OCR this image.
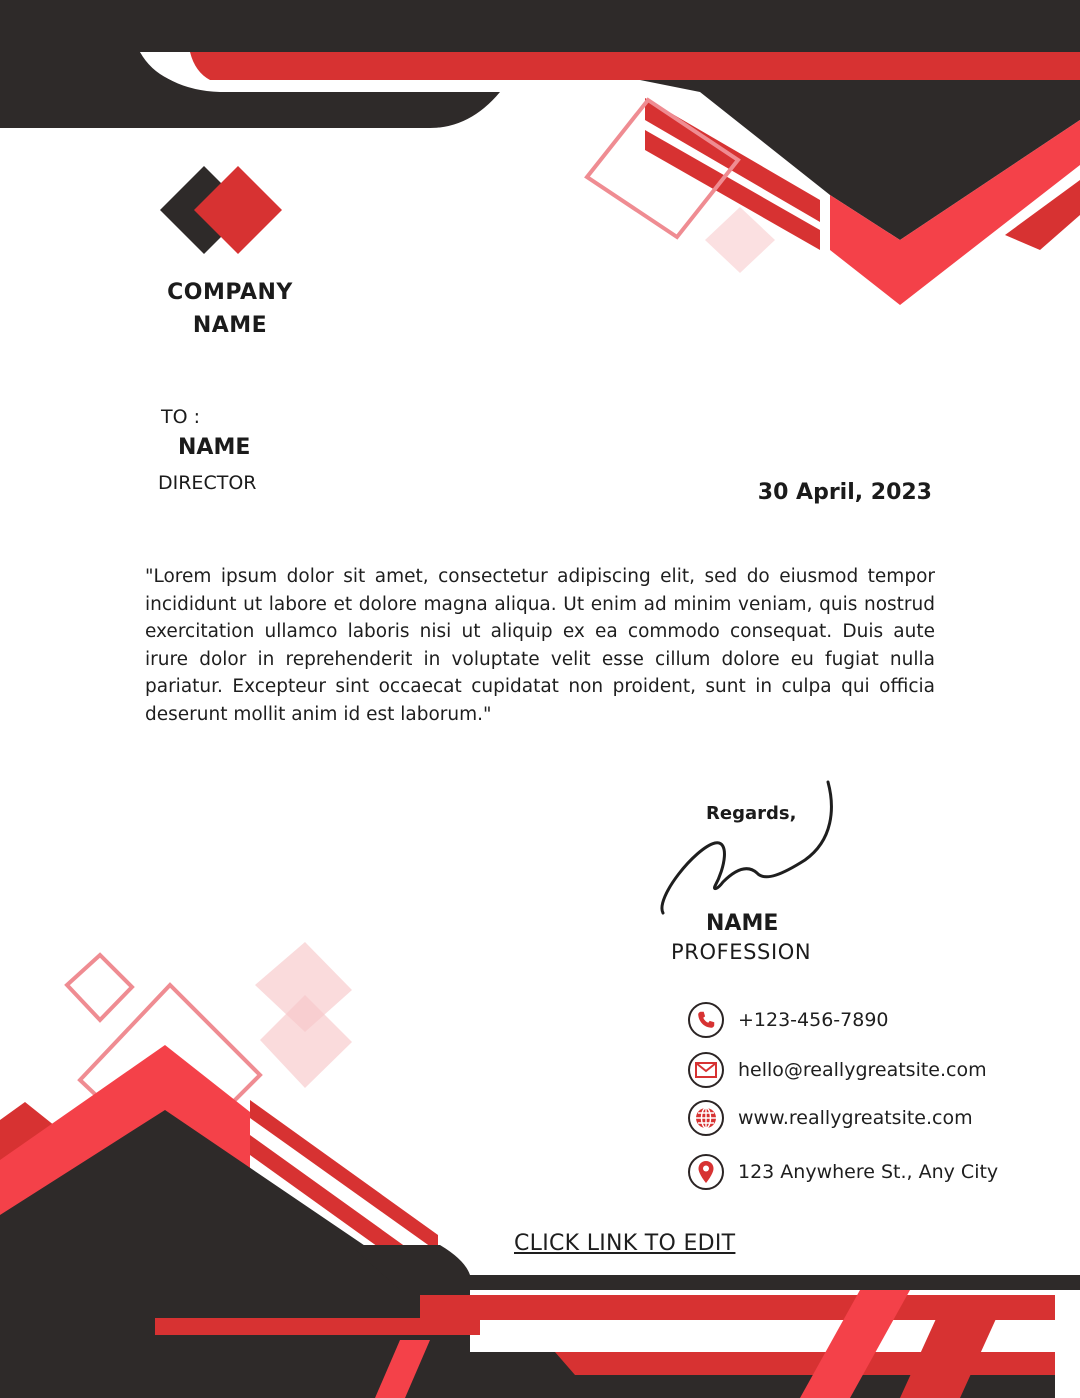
COMPANY NAME
TO :
NAME
DIRECTOR	30 April, 2023
"Lorem ipsum dolor sit amet, consectetur adipiscing elit, sed do eiusmod tempor incididunt ut labore et dolore magna aliqua. Ut enim ad minim veniam, quis nostrud exercitation ullamco laboris nisi ut aliquip ex ea commodo consequat. Duis aute irure dolor in reprehenderit in voluptate velit esse cillum dolore eu fugiat nulla pariatur. Excepteur sint occaecat cupidatat non proident, sunt in culpa qui officia deserunt mollit anim id est laborum."
Regards,
NAME
PROFESSION
+123-456-7890
hello@reallygreatsite.com
www.reallygreatsite.com
123 Anywhere St., Any City
CLICK LINK TO EDIT
